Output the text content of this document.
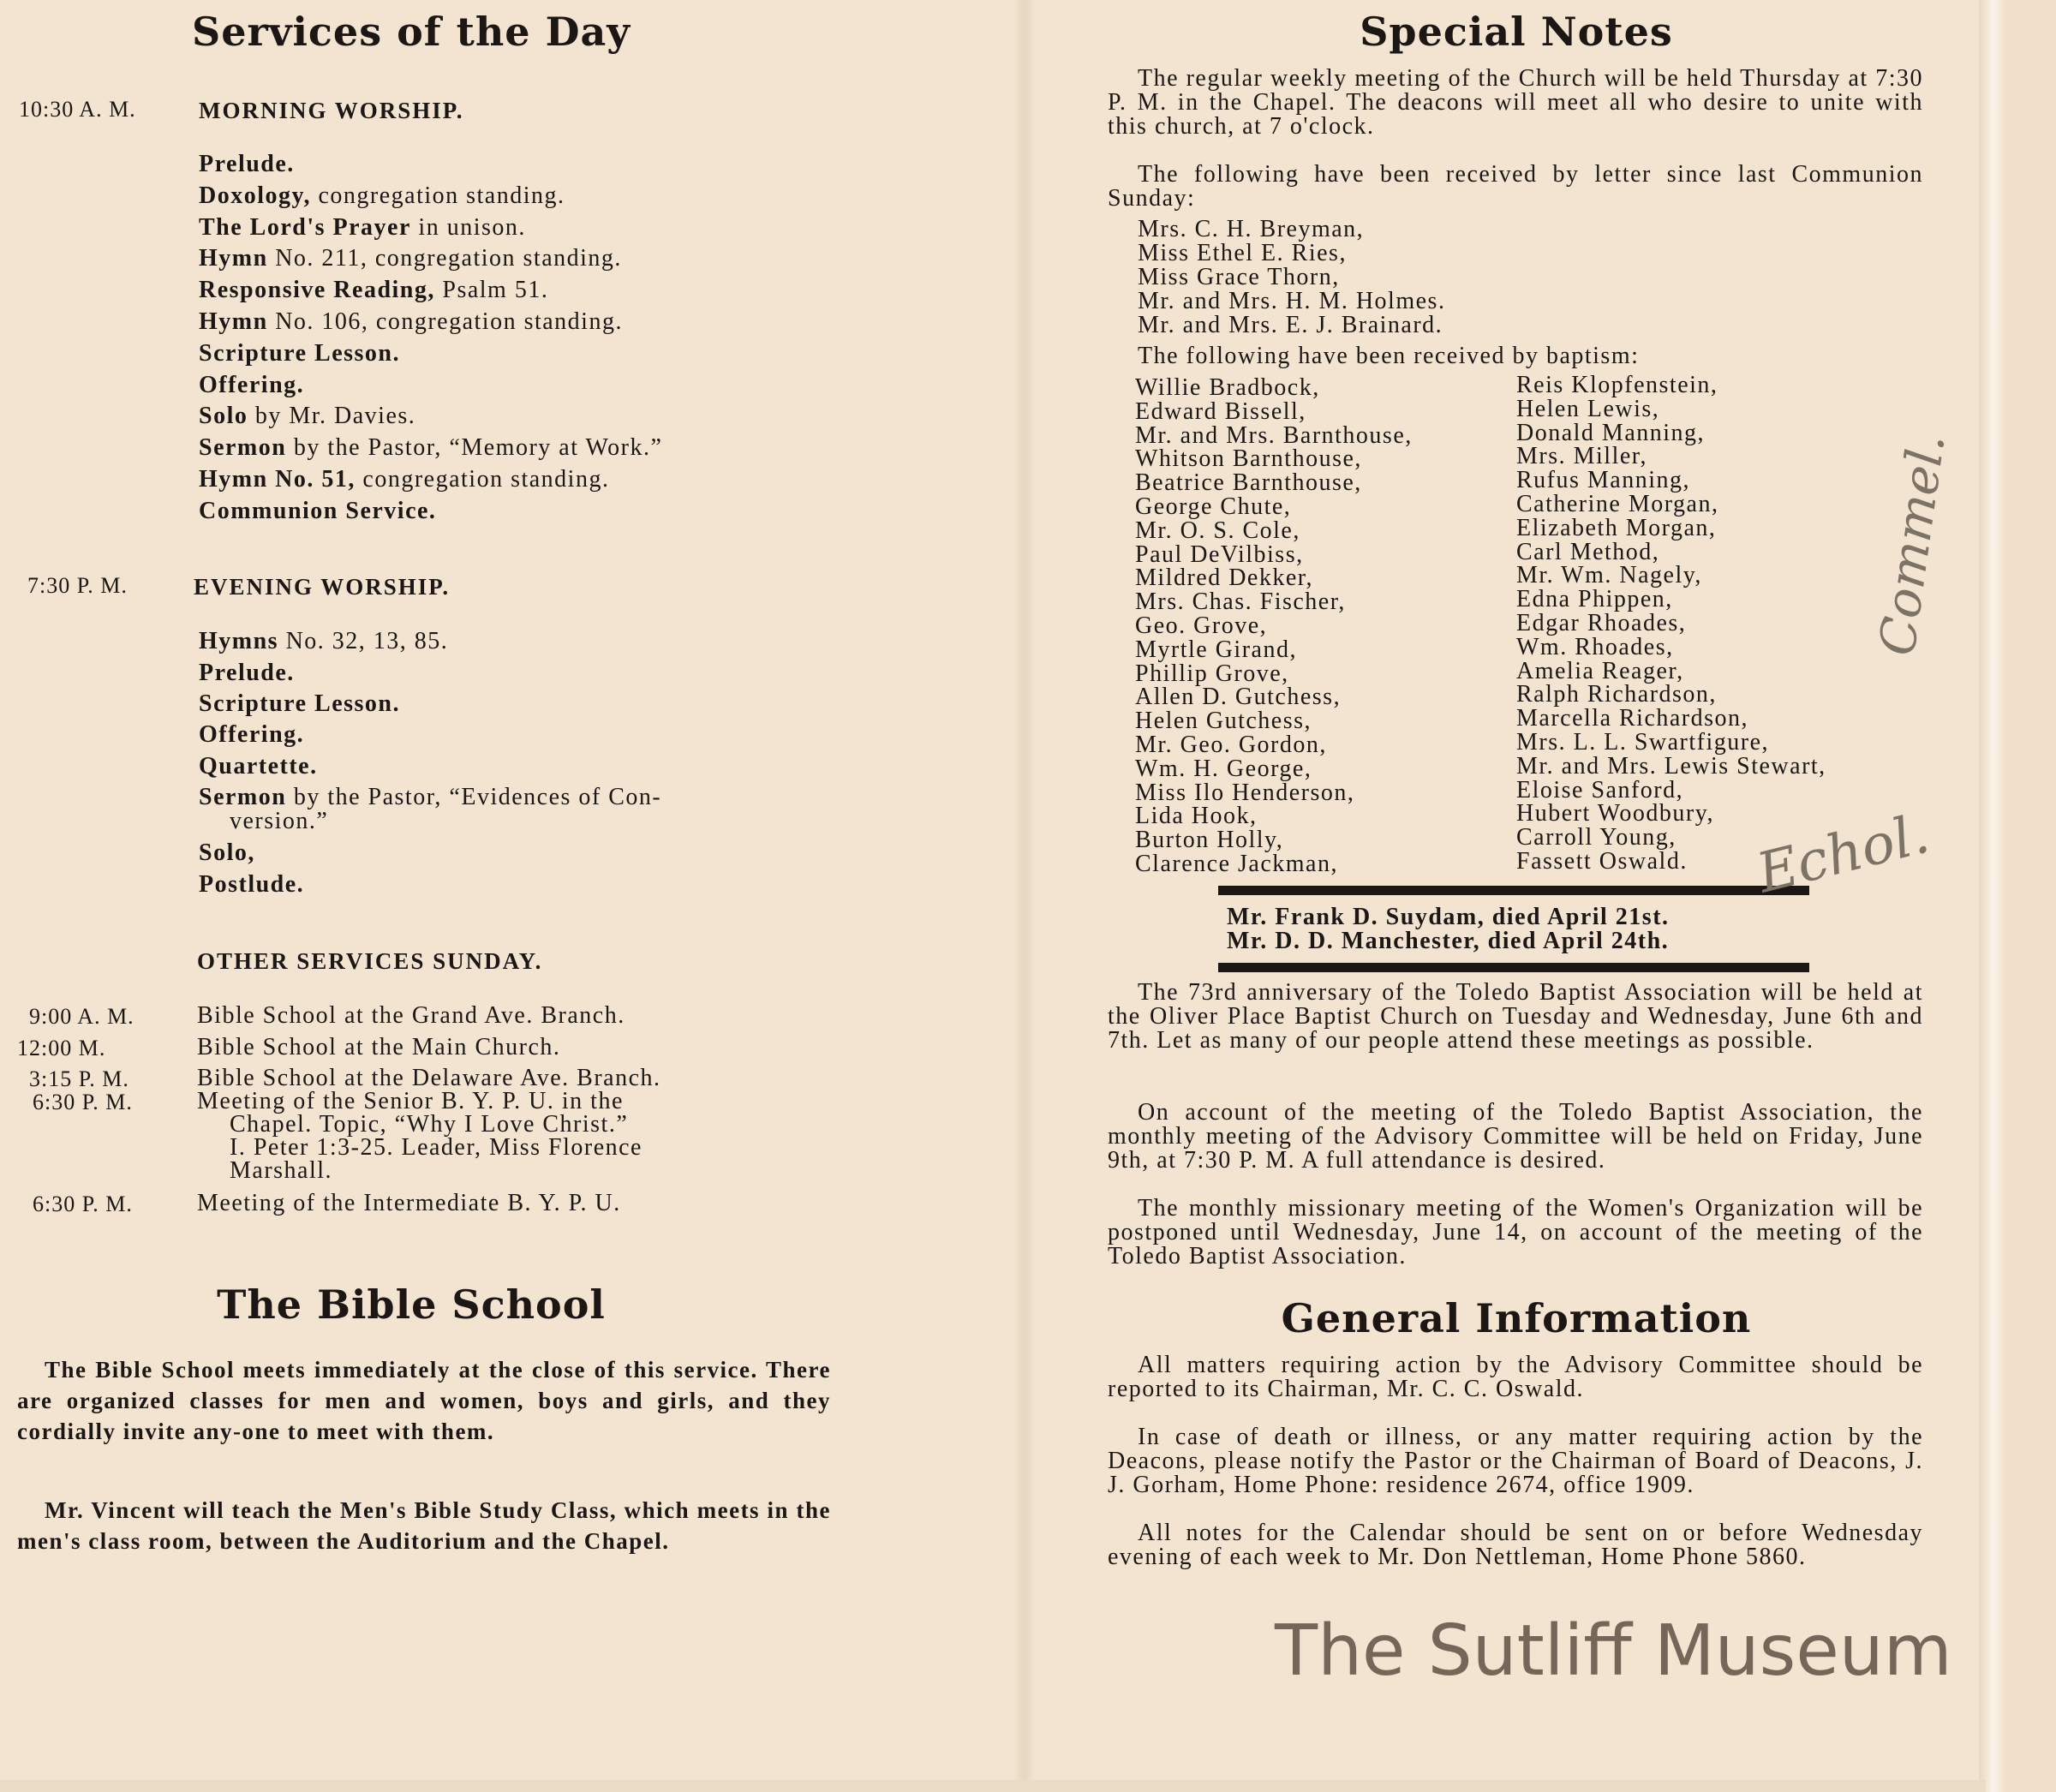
Services of the Day
10:30 A. M.	MORNING WORSHIP.
Prelude.
Doxology, congregation standing.
The Lord's Prayer in unison.
Hymn No. 211, congregation standing.
Responsive Reading, Psalm 51.
Hymn No. 106, congregation standing.
Scripture Lesson.
Offering.
Solo by Mr. Davies.
Sermon by the Pastor, “Memory at Work.”
Hymn No. 51, congregation standing.
Communion Service.
7:30 P. M.	EVENING WORSHIP.
Hymns No. 32, 13, 85.
Prelude.
Scripture Lesson.
Offering.
Quartette.
Sermon by the Pastor, “Evidences of Con-
version.”
Solo,
Postlude.
OTHER SERVICES SUNDAY.
9:00 A. M.	Bible School at the Grand Ave. Branch.
12:00 M.	Bible School at the Main Church.
3:15 P. M.	Bible School at the Delaware Ave. Branch.
6:30 P. M.	Meeting of the Senior B. Y. P. U. in the
Chapel. Topic, “Why I Love Christ.”
I. Peter 1:3-25. Leader, Miss Florence
Marshall.
6:30 P. M.	Meeting of the Intermediate B. Y. P. U.
The Bible School
The Bible School meets immediately at the close of this service. There are organized classes for men and women, boys and girls, and they cordially invite any-one to meet with them.
Mr. Vincent will teach the Men's Bible Study Class, which meets in the men's class room, between the Auditorium and the Chapel.
Special Notes

The regular weekly meeting of the Church will be held Thursday at 7:30 P. M. in the Chapel. The deacons will meet all who desire to unite with this church, at 7 o'clock.

The following have been received by letter since last Communion Sunday:

Mrs. C. H. Breyman,
Miss Ethel E. Ries,
Miss Grace Thorn,
Mr. and Mrs. H. M. Holmes.
Mr. and Mrs. E. J. Brainard.
The following have been received by baptism:
Willie Bradbock,
Edward Bissell,
Mr. and Mrs. Barnthouse,
Whitson Barnthouse,
Beatrice Barnthouse,
George Chute,
Mr. O. S. Cole,
Paul DeVilbiss,
Mildred Dekker,
Mrs. Chas. Fischer,
Geo. Grove,
Myrtle Girand,
Phillip Grove,
Allen D. Gutchess,
Helen Gutchess,
Mr. Geo. Gordon,
Wm. H. George,
Miss Ilo Henderson,
Lida Hook,
Burton Holly,
Clarence Jackman,
Reis Klopfenstein,
Helen Lewis,
Donald Manning,
Mrs. Miller,
Rufus Manning,
Catherine Morgan,
Elizabeth Morgan,
Carl Method,
Mr. Wm. Nagely,
Edna Phippen,
Edgar Rhoades,
Wm. Rhoades,
Amelia Reager,
Ralph Richardson,
Marcella Richardson,
Mrs. L. L. Swartfigure,
Mr. and Mrs. Lewis Stewart,
Eloise Sanford,
Hubert Woodbury,
Carroll Young,
Fassett Oswald.
Mr. Frank D. Suydam, died April 21st.
Mr. D. D. Manchester, died April 24th.

The 73rd anniversary of the Toledo Baptist Association will be held at the Oliver Place Baptist Church on Tuesday and Wednesday, June 6th and 7th. Let as many of our people attend these meetings as possible.

On account of the meeting of the Toledo Baptist Association, the monthly meeting of the Advisory Committee will be held on Friday, June 9th, at 7:30 P. M. A full attendance is desired.

The monthly missionary meeting of the Women's Organization will be postponed until Wednesday, June 14, on account of the meeting of the Toledo Baptist Association.

General Information

All matters requiring action by the Advisory Committee should be reported to its Chairman, Mr. C. C. Oswald.

In case of death or illness, or any matter requiring action by the Deacons, please notify the Pastor or the Chairman of Board of Deacons, J. J. Gorham, Home Phone: residence 2674, office 1909.

All notes for the Calendar should be sent on or before Wednesday evening of each week to Mr. Don Nettleman, Home Phone 5860.

Echol.
Commel.
The Sutliff Museum
